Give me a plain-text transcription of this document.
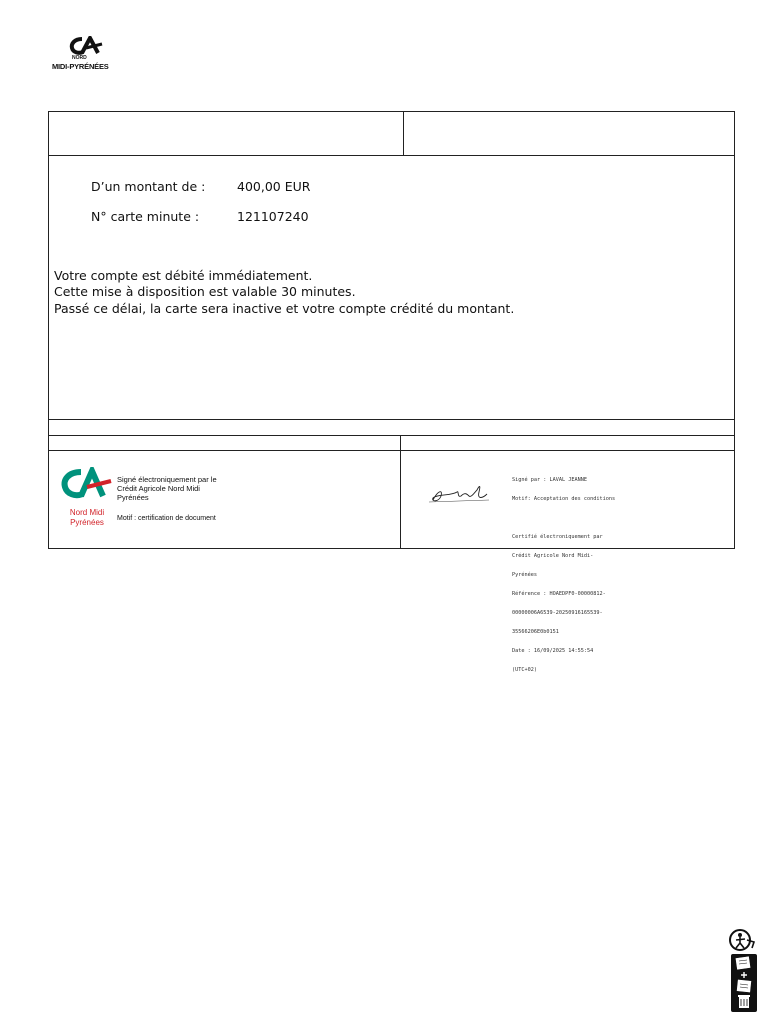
NORD
MIDI-PYRÉNÉES
D’un montant de :	400,00 EUR
N° carte minute :	121107240
Votre compte est débité immédiatement.
Cette mise à disposition est valable 30 minutes.
Passé ce délai, la carte sera inactive et votre compte crédité du montant.
Nord Midi
Pyrénées
Signé électroniquement par le
Crédit Agricole Nord Midi
Pyrénées
Motif : certification de document

Signé par : LAVAL JEANNE

Motif: Acceptation des conditions

Certifié électroniquement par

Crédit Agricole Nord Midi-

Pyrénées

Référence : HOAEDPF0-00000812-

00000006A6539-20250916165539-

35566206E0b0151

Date : 16/09/2025 14:55:54

(UTC+02)
